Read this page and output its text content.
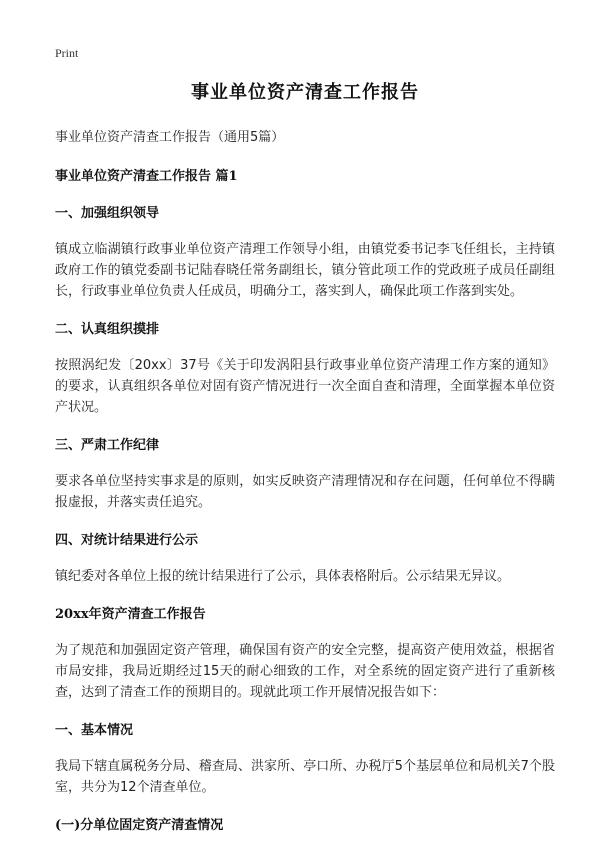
Print
事业单位资产清查工作报告

事业单位资产清查工作报告（通用5篇）

事业单位资产清查工作报告 篇1

一、加强组织领导

镇成立临湖镇行政事业单位资产清理工作领导小组，由镇党委书记李飞任组长，主持镇政府工作的镇党委副书记陆春晓任常务副组长，镇分管此项工作的党政班子成员任副组长，行政事业单位负责人任成员，明确分工，落实到人，确保此项工作落到实处。

二、认真组织摸排

按照涡纪发〔20xx〕37号《关于印发涡阳县行政事业单位资产清理工作方案的通知》的要求，认真组织各单位对固有资产情况进行一次全面自查和清理，全面掌握本单位资产状况。

三、严肃工作纪律

要求各单位坚持实事求是的原则，如实反映资产清理情况和存在问题，任何单位不得瞒报虚报，并落实责任追究。

四、对统计结果进行公示

镇纪委对各单位上报的统计结果进行了公示，具体表格附后。公示结果无异议。

20xx年资产清查工作报告

为了规范和加强固定资产管理，确保国有资产的安全完整，提高资产使用效益，根据省市局安排，我局近期经过15天的耐心细致的工作，对全系统的固定资产进行了重新核查，达到了清查工作的预期目的。现就此项工作开展情况报告如下：

一、基本情况

我局下辖直属税务分局、稽查局、洪家所、亭口所、办税厅5个基层单位和局机关7个股室，共分为12个清查单位。

(一)分单位固定资产清查情况
